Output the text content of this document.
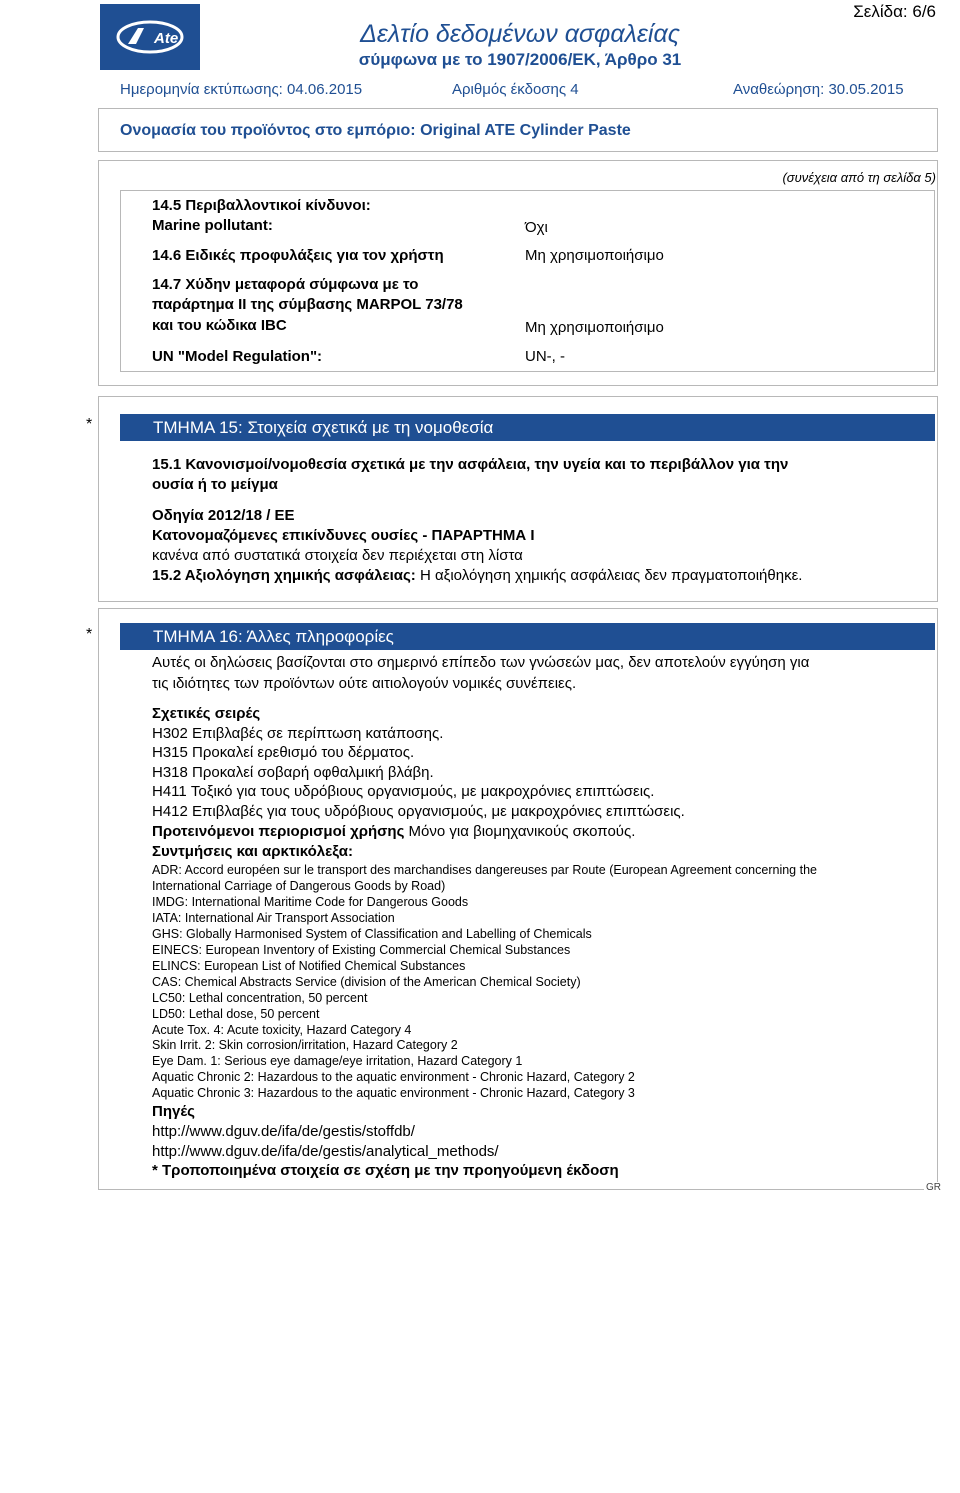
Ate	Δελτίο δεδομένων ασφαλείας
σύμφωνα με το 1907/2006/ΕΚ, Άρθρο 31
Σελίδα: 6/6
Ημερομηνία εκτύπωσης: 04.06.2015	Αριθμός έκδοσης 4	Αναθεώρηση: 30.05.2015
Ονομασία του προϊόντος στο εμπόριο: Original ATE Cylinder Paste
(συνέχεια από τη σελίδα 5)
14.5 Περιβαλλοντικοί κίνδυνοι:
Marine pollutant:	Όχι
14.6 Ειδικές προφυλάξεις για τον χρήστη	Μη χρησιμοποιήσιμο
14.7 Χύδην μεταφορά σύμφωνα με το
παράρτημα II της σύμβασης MARPOL 73/78
και του κώδικα IBC	Μη χρησιμοποιήσιμο
UN "Model Regulation":	UN-, -
*	ΤΜΗΜΑ 15: Στοιχεία σχετικά με τη νομοθεσία
15.1 Κανονισμοί/νομοθεσία σχετικά με την ασφάλεια, την υγεία και το περιβάλλον για την
ουσία ή το μείγμα
Οδηγία 2012/18 / ΕΕ
Κατονομαζόμενες επικίνδυνες ουσίες - ΠΑΡΑΡΤΗΜΑ I
κανένα από συστατικά στοιχεία δεν περιέχεται στη λίστα
15.2 Αξιολόγηση χημικής ασφάλειας: Η αξιολόγηση χημικής ασφάλειας δεν πραγματοποιήθηκε.
*	ΤΜΗΜΑ 16: Άλλες πληροφορίες
Αυτές οι δηλώσεις βασίζονται στο σημερινό επίπεδο των γνώσεών μας, δεν αποτελούν εγγύηση για
τις ιδιότητες των προϊόντων ούτε αιτιολογούν νομικές συνέπειες.
Σχετικές σειρές
H302 Επιβλαβές σε περίπτωση κατάποσης.
H315 Προκαλεί ερεθισμό του δέρματος.
H318 Προκαλεί σοβαρή οφθαλμική βλάβη.
H411 Τοξικό για τους υδρόβιους οργανισμούς, με μακροχρόνιες επιπτώσεις.
H412 Επιβλαβές για τους υδρόβιους οργανισμούς, με μακροχρόνιες επιπτώσεις.
Προτεινόμενοι περιορισμοί χρήσης Μόνο για βιομηχανικούς σκοπούς.
Συντμήσεις και αρκτικόλεξα:
ADR: Accord européen sur le transport des marchandises dangereuses par Route (European Agreement concerning the
International Carriage of Dangerous Goods by Road)
IMDG: International Maritime Code for Dangerous Goods
IATA: International Air Transport Association
GHS: Globally Harmonised System of Classification and Labelling of Chemicals
EINECS: European Inventory of Existing Commercial Chemical Substances
ELINCS: European List of Notified Chemical Substances
CAS: Chemical Abstracts Service (division of the American Chemical Society)
LC50: Lethal concentration, 50 percent
LD50: Lethal dose, 50 percent
Acute Tox. 4: Acute toxicity, Hazard Category 4
Skin Irrit. 2: Skin corrosion/irritation, Hazard Category 2
Eye Dam. 1: Serious eye damage/eye irritation, Hazard Category 1
Aquatic Chronic 2: Hazardous to the aquatic environment - Chronic Hazard, Category 2
Aquatic Chronic 3: Hazardous to the aquatic environment - Chronic Hazard, Category 3
Πηγές
http://www.dguv.de/ifa/de/gestis/stoffdb/
http://www.dguv.de/ifa/de/gestis/analytical_methods/
* Τροποποιημένα στοιχεία σε σχέση με την προηγούμενη έκδοση
GR
